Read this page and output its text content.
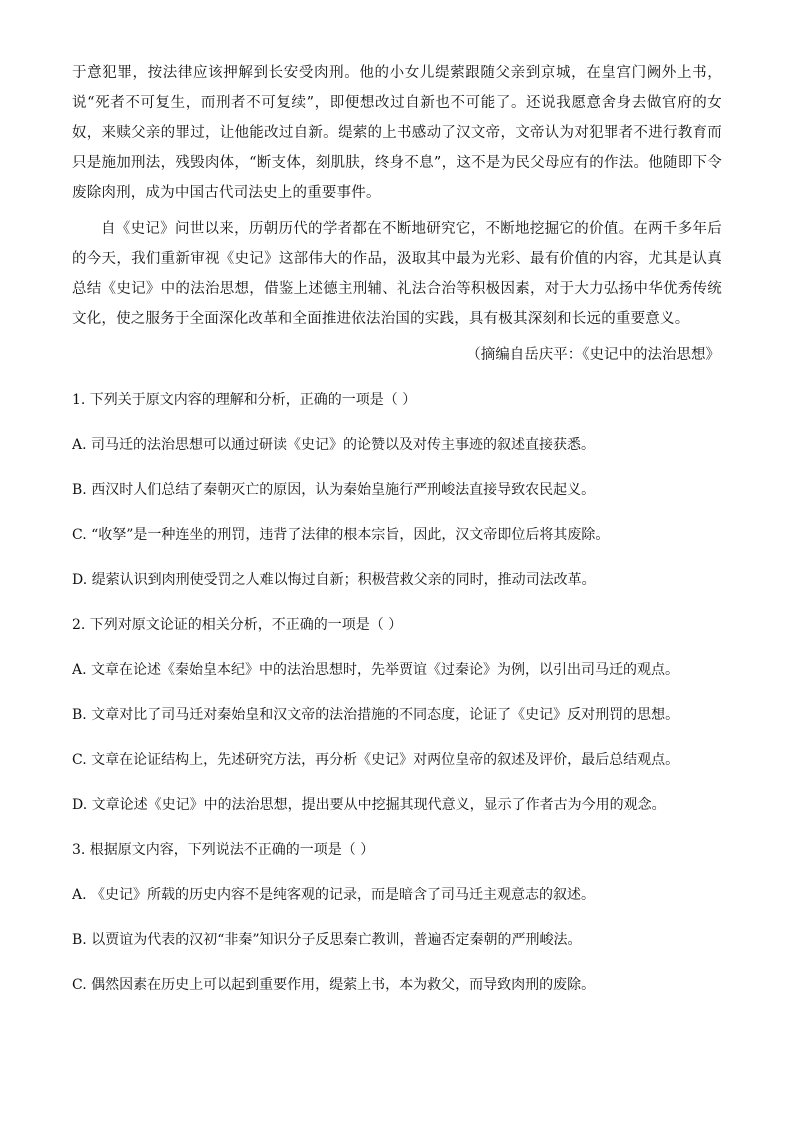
于意犯罪，按法律应该押解到长安受肉刑。他的小女儿缇萦跟随父亲到京城，在皇宫门阙外上书，说“死者不可复生，而刑者不可复续”，即便想改过自新也不可能了。还说我愿意舍身去做官府的女奴，来赎父亲的罪过，让他能改过自新。缇萦的上书感动了汉文帝，文帝认为对犯罪者不进行教育而只是施加刑法，残毁肉体，“断支体，刻肌肤，终身不息”，这不是为民父母应有的作法。他随即下令废除肉刑，成为中国古代司法史上的重要事件。

自《史记》问世以来，历朝历代的学者都在不断地研究它，不断地挖掘它的价值。在两千多年后的今天，我们重新审视《史记》这部伟大的作品，汲取其中最为光彩、最有价值的内容，尤其是认真总结《史记》中的法治思想，借鉴上述德主刑辅、礼法合治等积极因素，对于大力弘扬中华优秀传统文化，使之服务于全面深化改革和全面推进依法治国的实践，具有极其深刻和长远的重要意义。

（摘编自岳庆平：《史记中的法治思想》
1. 下列关于原文内容的理解和分析，正确的一项是（ ）
A. 司马迁的法治思想可以通过研读《史记》的论赞以及对传主事迹的叙述直接获悉。
B. 西汉时人们总结了秦朝灭亡的原因，认为秦始皇施行严刑峻法直接导致农民起义。
C. “收孥”是一种连坐的刑罚，违背了法律的根本宗旨，因此，汉文帝即位后将其废除。
D. 缇萦认识到肉刑使受罚之人难以悔过自新；积极营救父亲的同时，推动司法改革。
2. 下列对原文论证的相关分析，不正确的一项是（ ）
A. 文章在论述《秦始皇本纪》中的法治思想时，先举贾谊《过秦论》为例，以引出司马迁的观点。
B. 文章对比了司马迁对秦始皇和汉文帝的法治措施的不同态度，论证了《史记》反对刑罚的思想。
C. 文章在论证结构上，先述研究方法，再分析《史记》对两位皇帝的叙述及评价，最后总结观点。
D. 文章论述《史记》中的法治思想，提出要从中挖掘其现代意义，显示了作者古为今用的观念。
3. 根据原文内容，下列说法不正确的一项是（ ）
A. 《史记》所载的历史内容不是纯客观的记录，而是暗含了司马迁主观意志的叙述。
B. 以贾谊为代表的汉初“非秦”知识分子反思秦亡教训，普遍否定秦朝的严刑峻法。
C. 偶然因素在历史上可以起到重要作用，缇萦上书，本为救父，而导致肉刑的废除。
